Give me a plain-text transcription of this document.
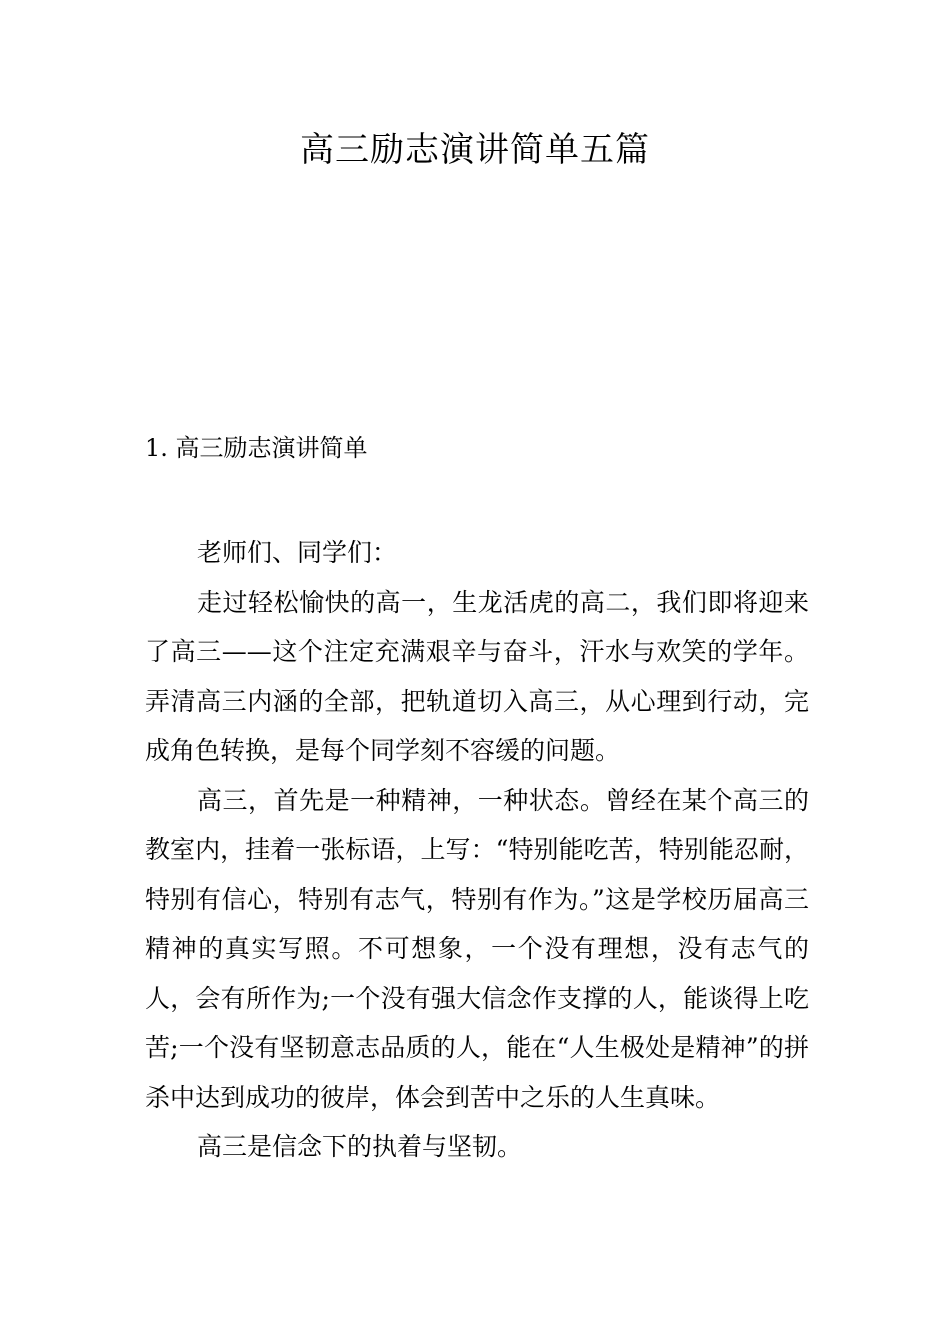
高三励志演讲简单五篇
1. 高三励志演讲简单

老师们、同学们：

走过轻松愉快的高一，生龙活虎的高二，我们即将迎来了高三——这个注定充满艰辛与奋斗，汗水与欢笑的学年。弄清高三内涵的全部，把轨道切入高三，从心理到行动，完成角色转换，是每个同学刻不容缓的问题。

高三，首先是一种精神，一种状态。曾经在某个高三的教室内，挂着一张标语，上写：“特别能吃苦，特别能忍耐，特别有信心，特别有志气，特别有作为。”这是学校历届高三精神的真实写照。不可想象，一个没有理想，没有志气的人，会有所作为;一个没有强大信念作支撑的人，能谈得上吃苦;一个没有坚韧意志品质的人，能在“人生极处是精神”的拼杀中达到成功的彼岸，体会到苦中之乐的人生真味。

高三是信念下的执着与坚韧。
